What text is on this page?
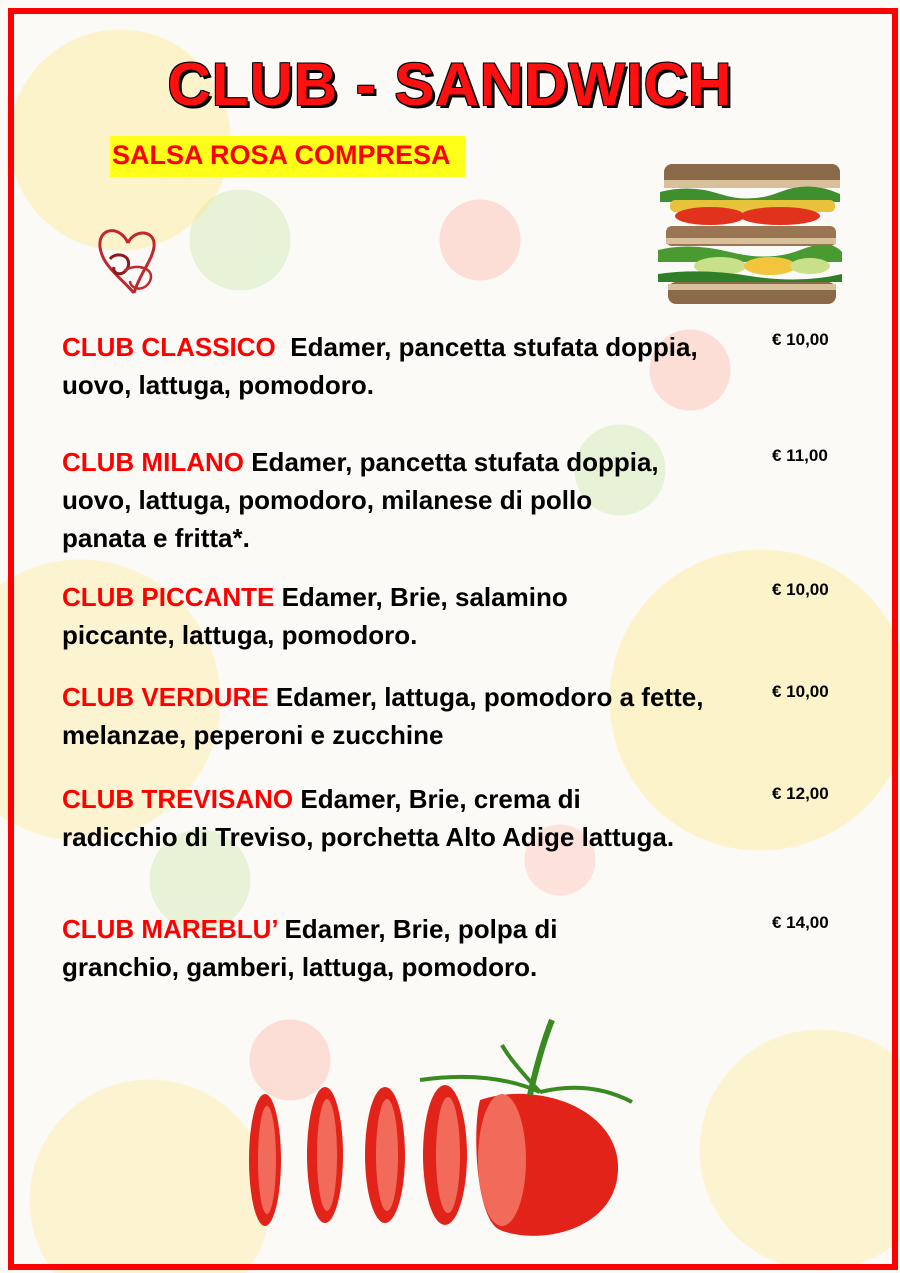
CLUB - SANDWICH
SALSA ROSA COMPRESA
CLUB CLASSICO Edamer, pancetta stufata doppia, uovo, lattuga, pomodoro.
€ 10,00
CLUB MILANO Edamer, pancetta stufata doppia, uovo, lattuga, pomodoro, milanese di pollo panata e fritta*.
€ 11,00
CLUB PICCANTE Edamer, Brie, salamino piccante, lattuga, pomodoro.
€ 10,00
CLUB VERDURE Edamer, lattuga, pomodoro a fette, melanzae, peperoni e zucchine
€ 10,00
CLUB TREVISANO Edamer, Brie, crema di radicchio di Treviso, porchetta Alto Adige lattuga.
€ 12,00
CLUB MAREBLU’ Edamer, Brie, polpa di granchio, gamberi, lattuga, pomodoro.
€ 14,00
